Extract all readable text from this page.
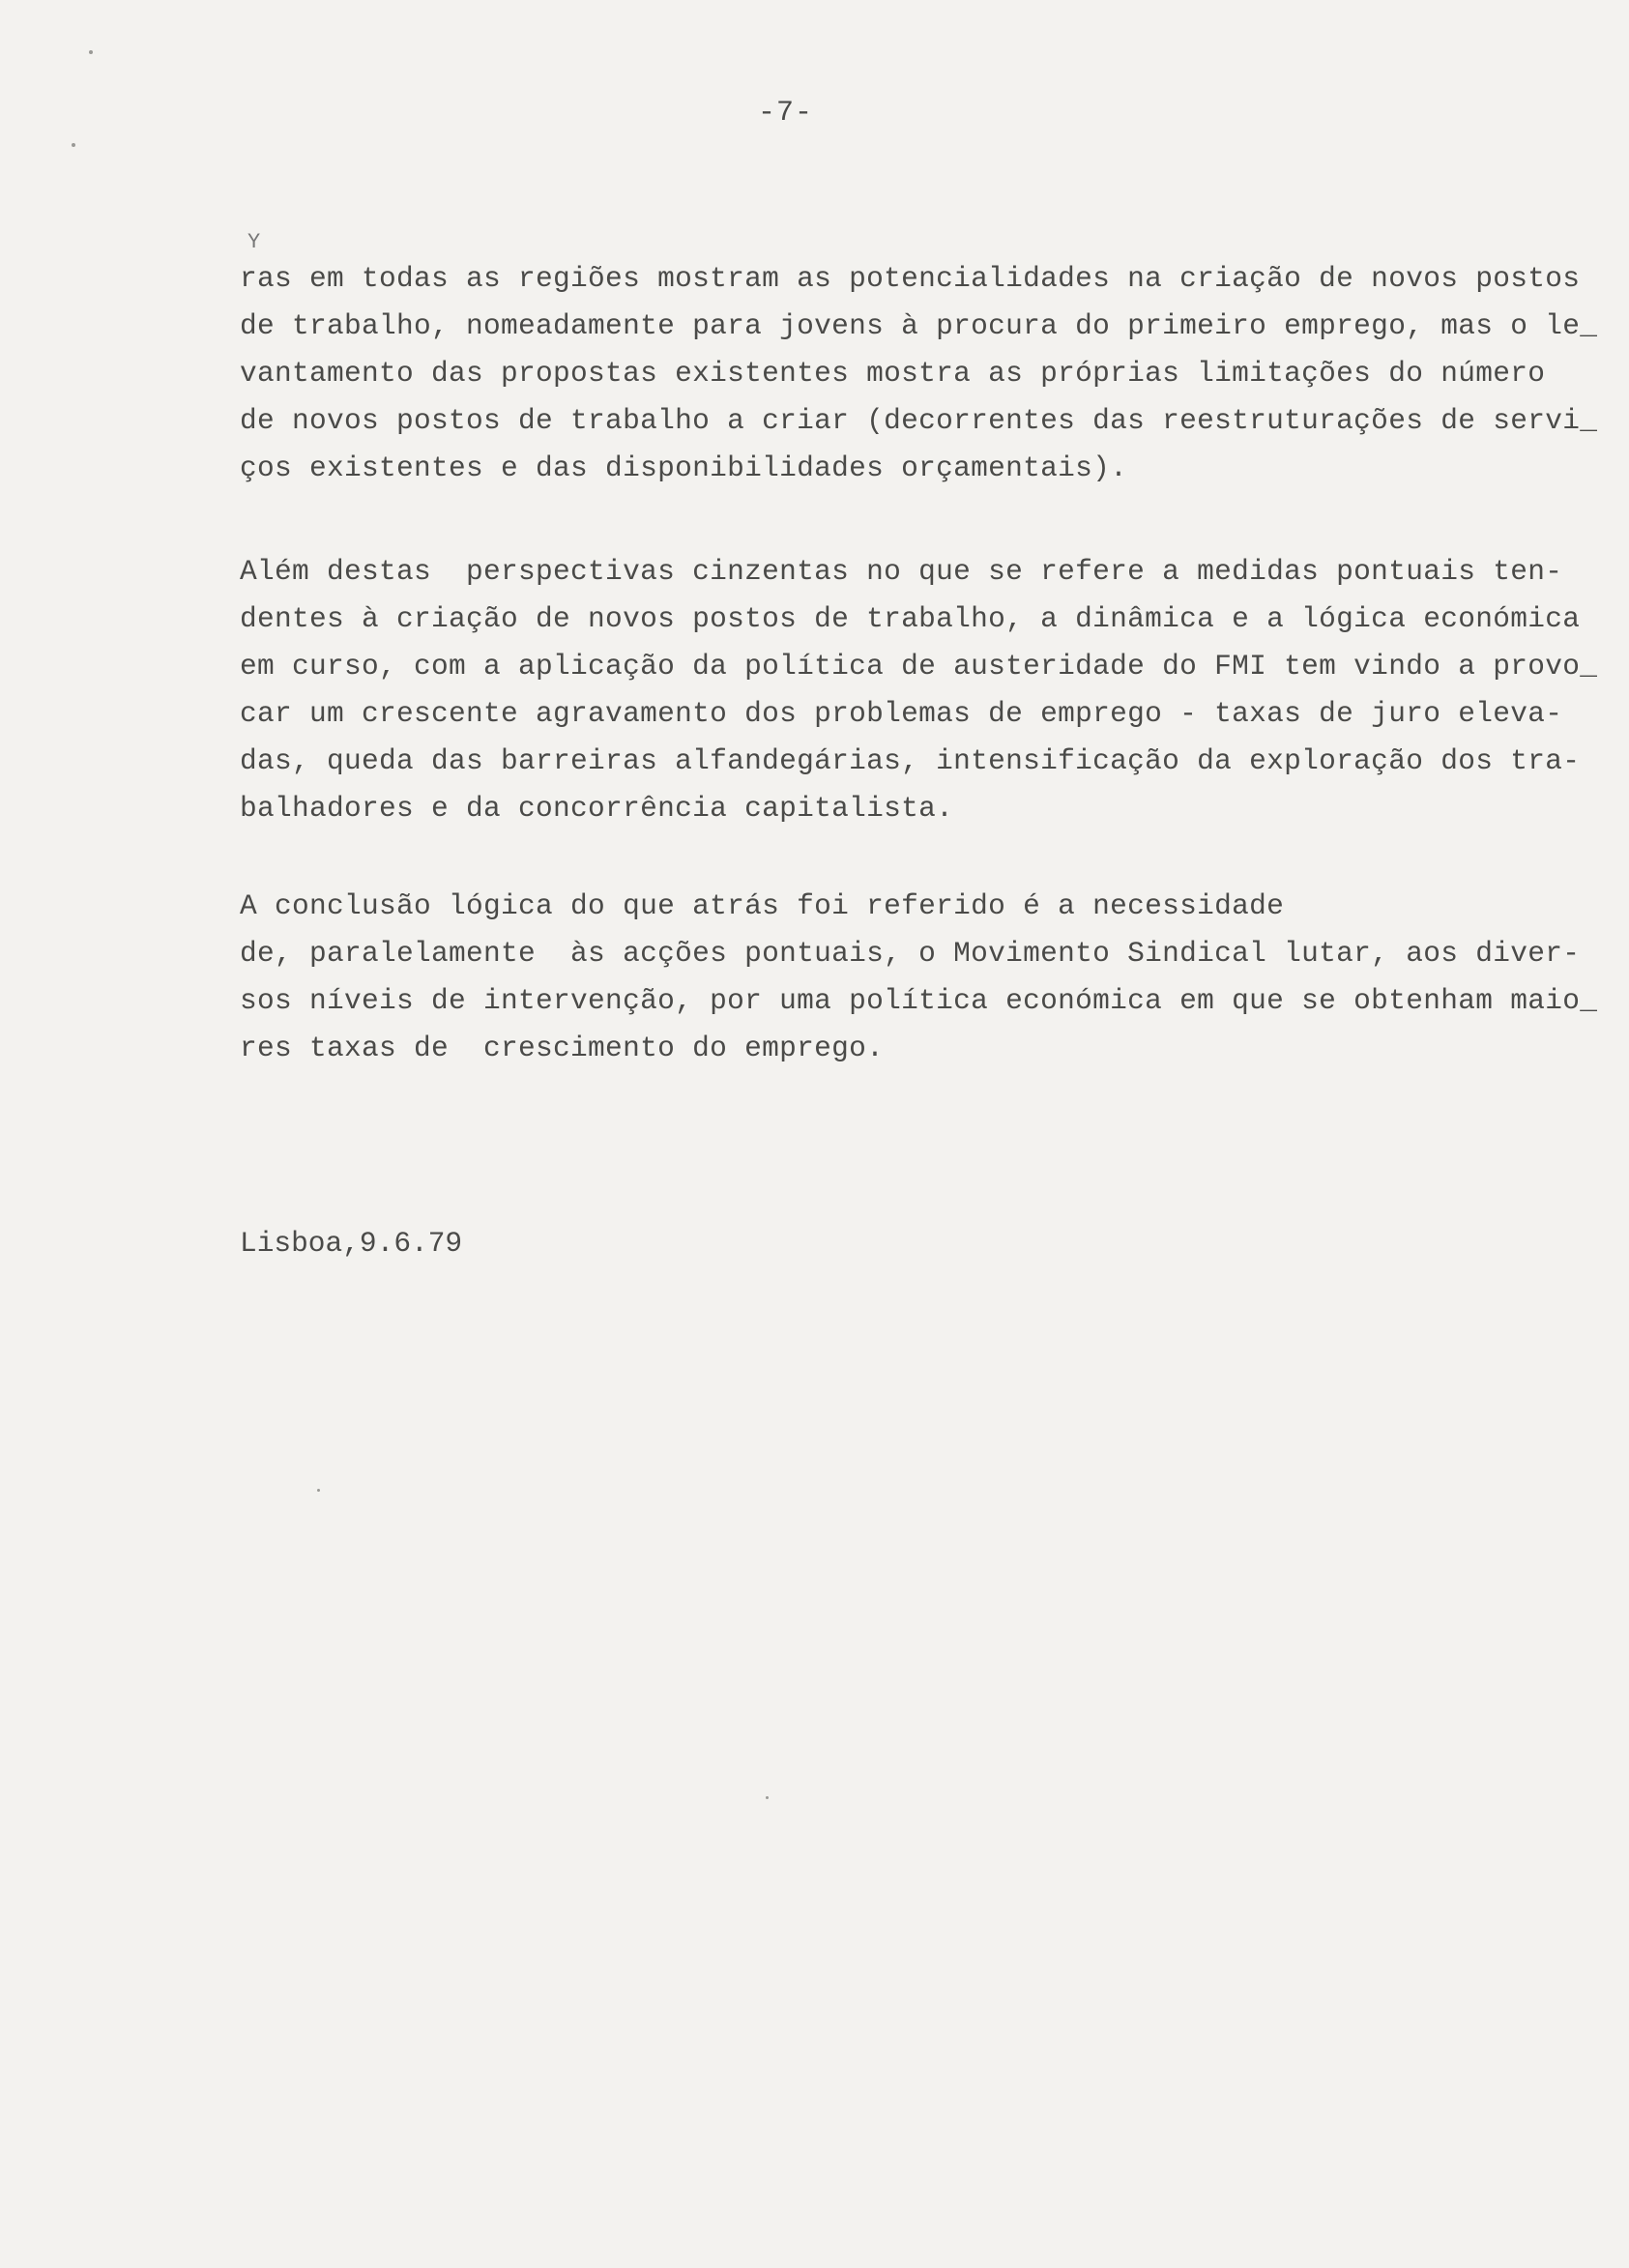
-7-
Y
ras em todas as regiões mostram as potencialidades na criação de novos postos
de trabalho, nomeadamente para jovens à procura do primeiro emprego, mas o le_
vantamento das propostas existentes mostra as próprias limitações do número
de novos postos de trabalho a criar (decorrentes das reestruturações de servi_
ços existentes e das disponibilidades orçamentais).
Além destas  perspectivas cinzentas no que se refere a medidas pontuais ten-
dentes à criação de novos postos de trabalho, a dinâmica e a lógica económica
em curso, com a aplicação da política de austeridade do FMI tem vindo a provo_
car um crescente agravamento dos problemas de emprego - taxas de juro eleva-
das, queda das barreiras alfandegárias, intensificação da exploração dos tra-
balhadores e da concorrência capitalista.
A conclusão lógica do que atrás foi referido é a necessidade
de, paralelamente  às acções pontuais, o Movimento Sindical lutar, aos diver-
sos níveis de intervenção, por uma política económica em que se obtenham maio_
res taxas de  crescimento do emprego.
Lisboa,9.6.79
